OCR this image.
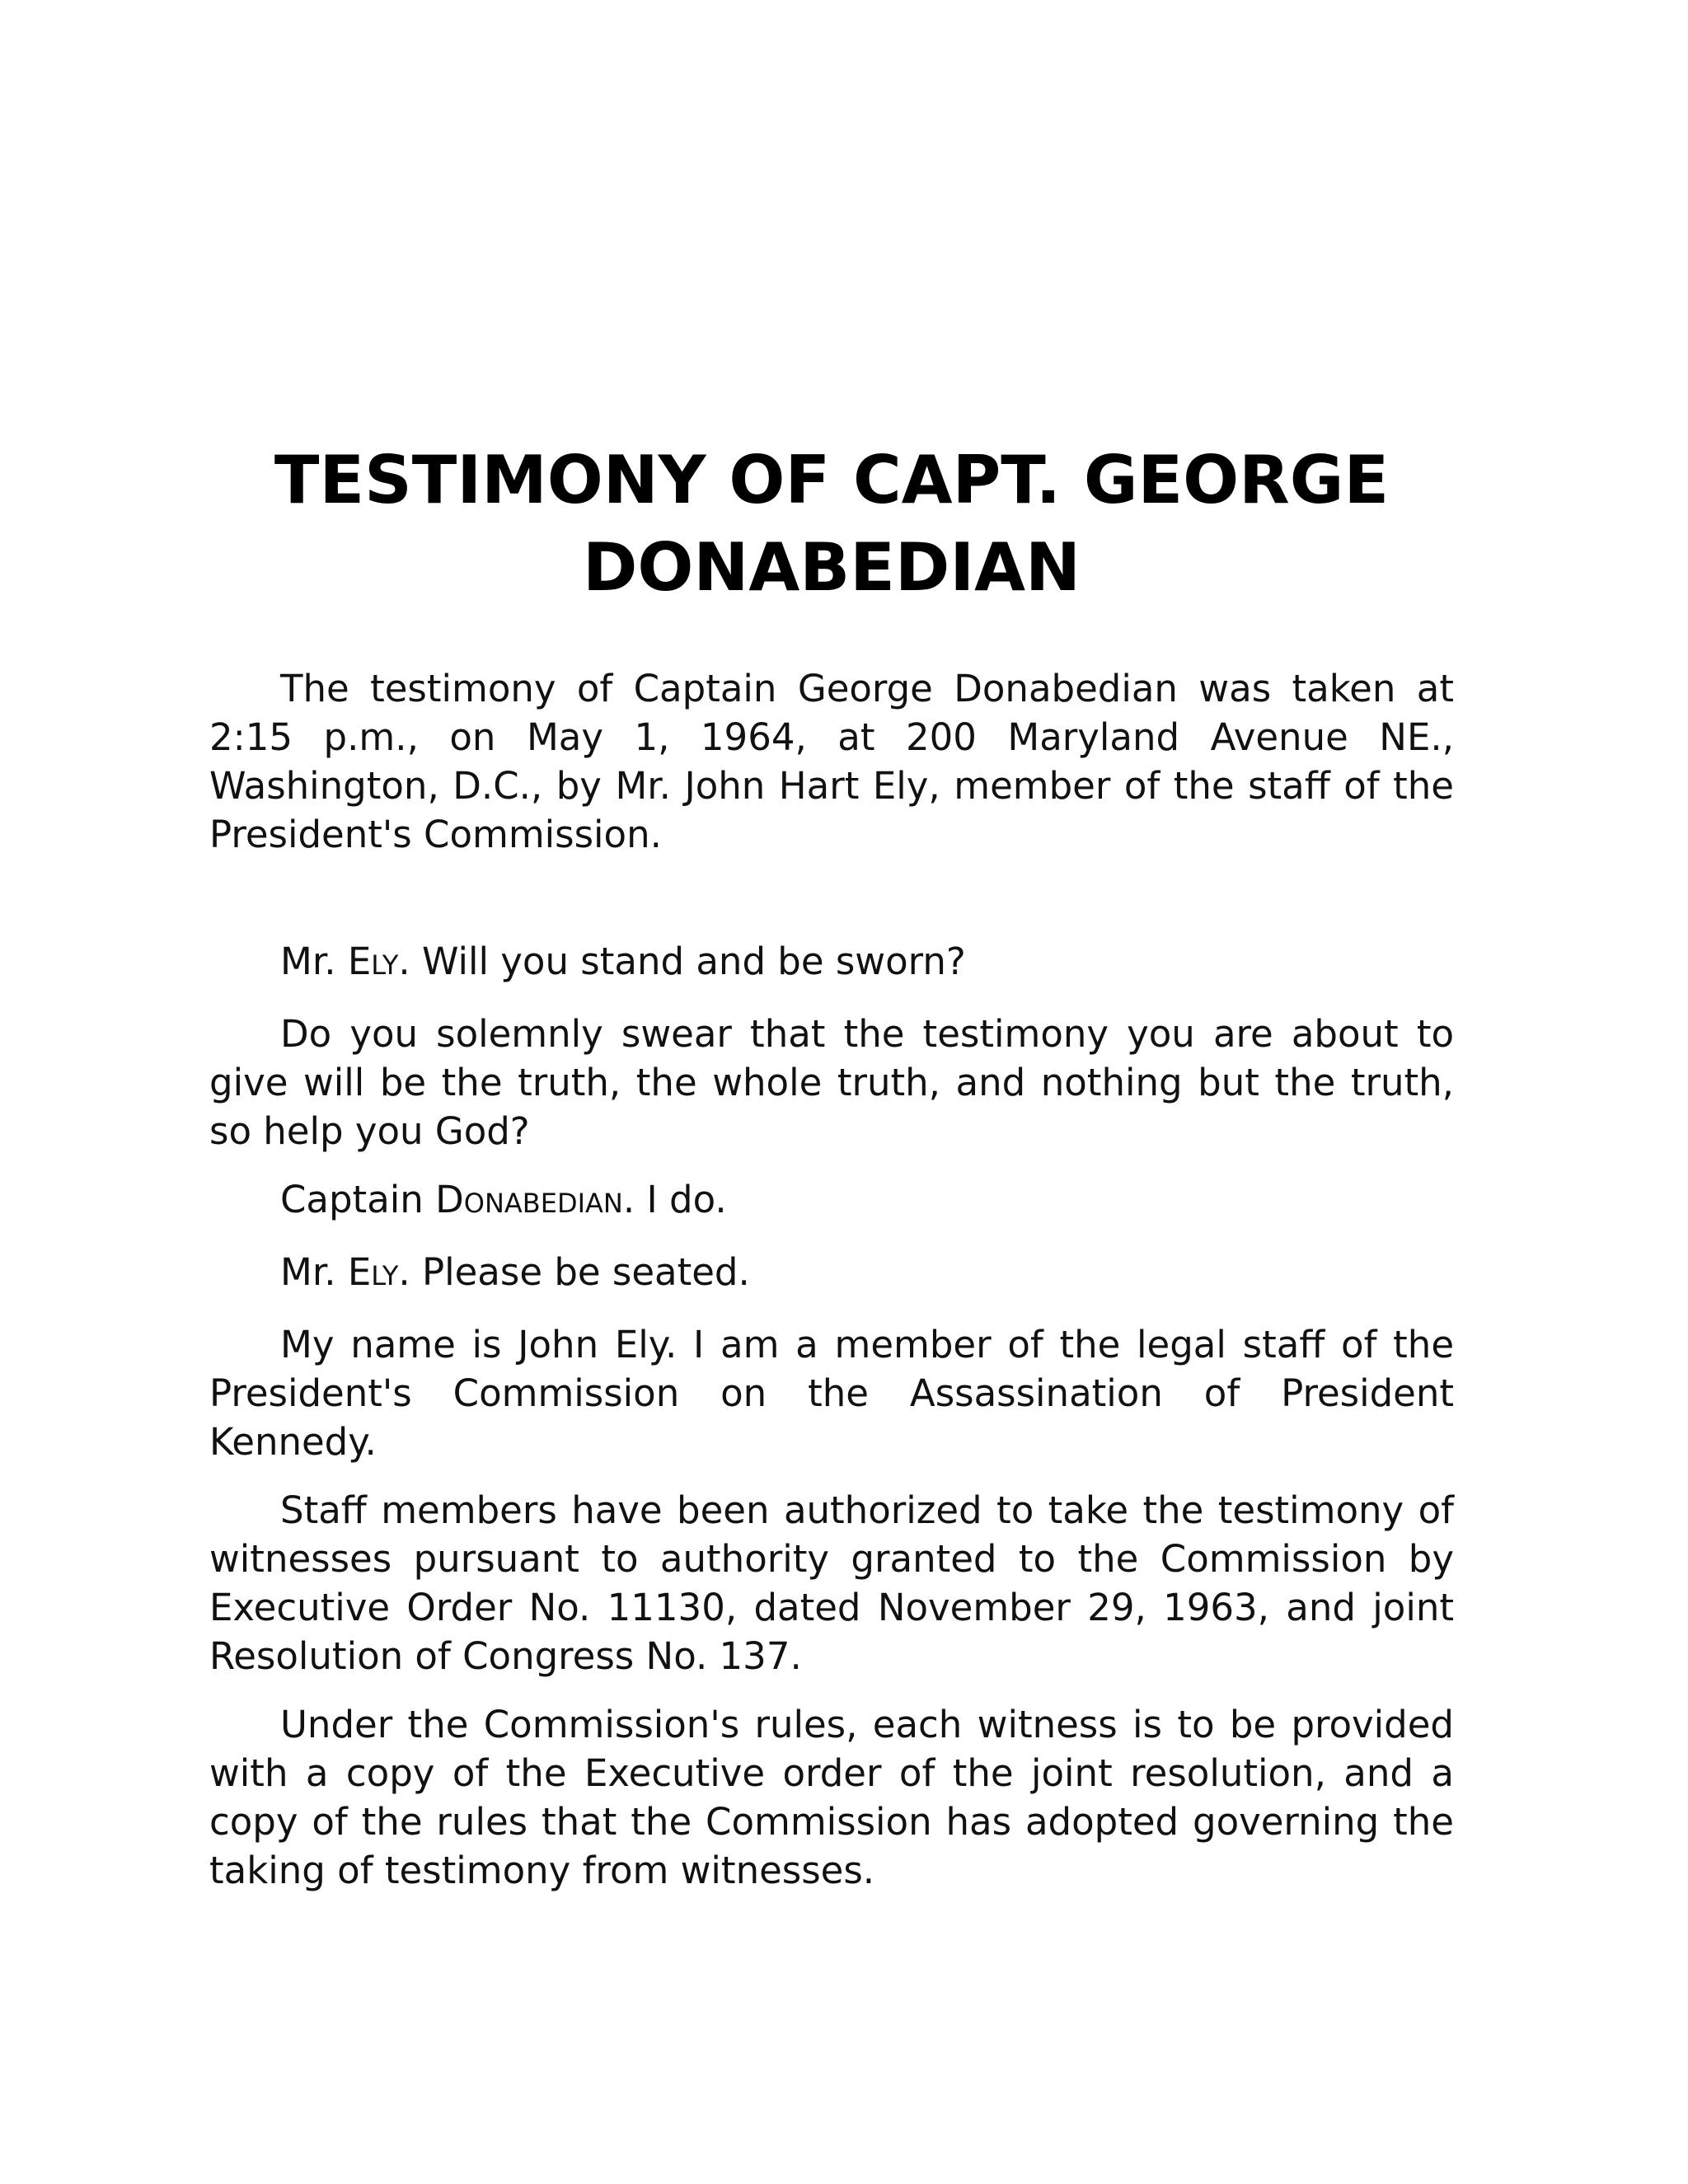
TESTIMONY OF CAPT. GEORGE DONABEDIAN

The testimony of Captain George Donabedian was taken at 2:15 p.m., on May 1, 1964, at 200 Maryland Avenue NE., Washington, D.C., by Mr. John Hart Ely, member of the staff of the President's Commission.

Mr. ELY. Will you stand and be sworn?

Do you solemnly swear that the testimony you are about to give will be the truth, the whole truth, and nothing but the truth, so help you God?

Captain DONABEDIAN. I do.

Mr. ELY. Please be seated.

My name is John Ely. I am a member of the legal staff of the President's Commission on the Assassination of President Kennedy.

Staff members have been authorized to take the testimony of witnesses pursuant to authority granted to the Commission by Executive Order No. 11130, dated November 29, 1963, and joint Resolution of Congress No. 137.

Under the Commission's rules, each witness is to be provided with a copy of the Executive order of the joint resolution, and a copy of the rules that the Commission has adopted governing the taking of testimony from witnesses.
